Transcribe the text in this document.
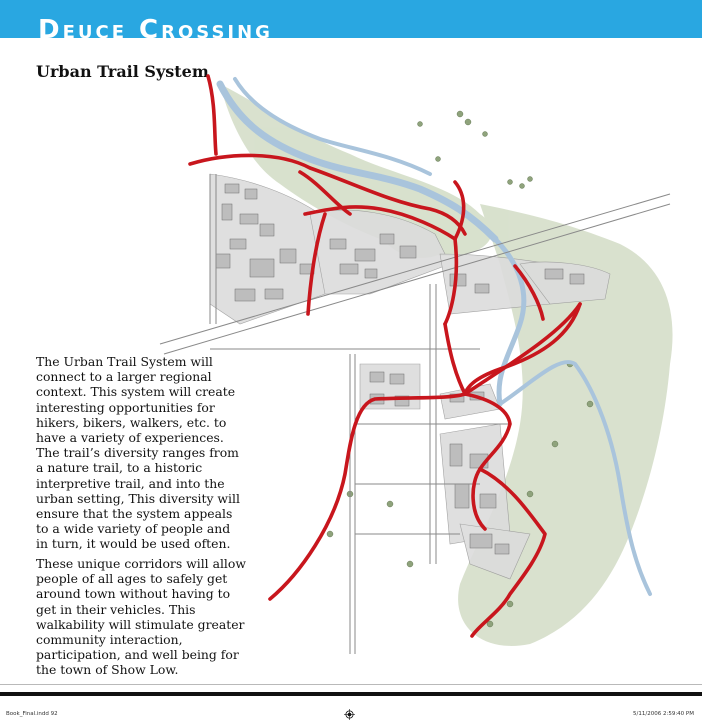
Deuce Crossing
Urban Trail System

The Urban Trail System will connect to a larger regional context. This system will create interesting opportunities for hikers, bikers, walkers, etc. to have a variety of experiences. The trail’s diversity ranges from a nature trail, to a historic interpretive trail, and into the urban setting, This diversity will ensure that the system appeals to a wide variety of people and in turn, it would be used often.

These unique corridors will allow people of all ages to safely get around town without having to get in their vehicles. This walkability will stimulate greater community interaction, participation, and well being for the town of Show Low.

Book_Final.indd 92	5/11/2006 2:59:40 PM
